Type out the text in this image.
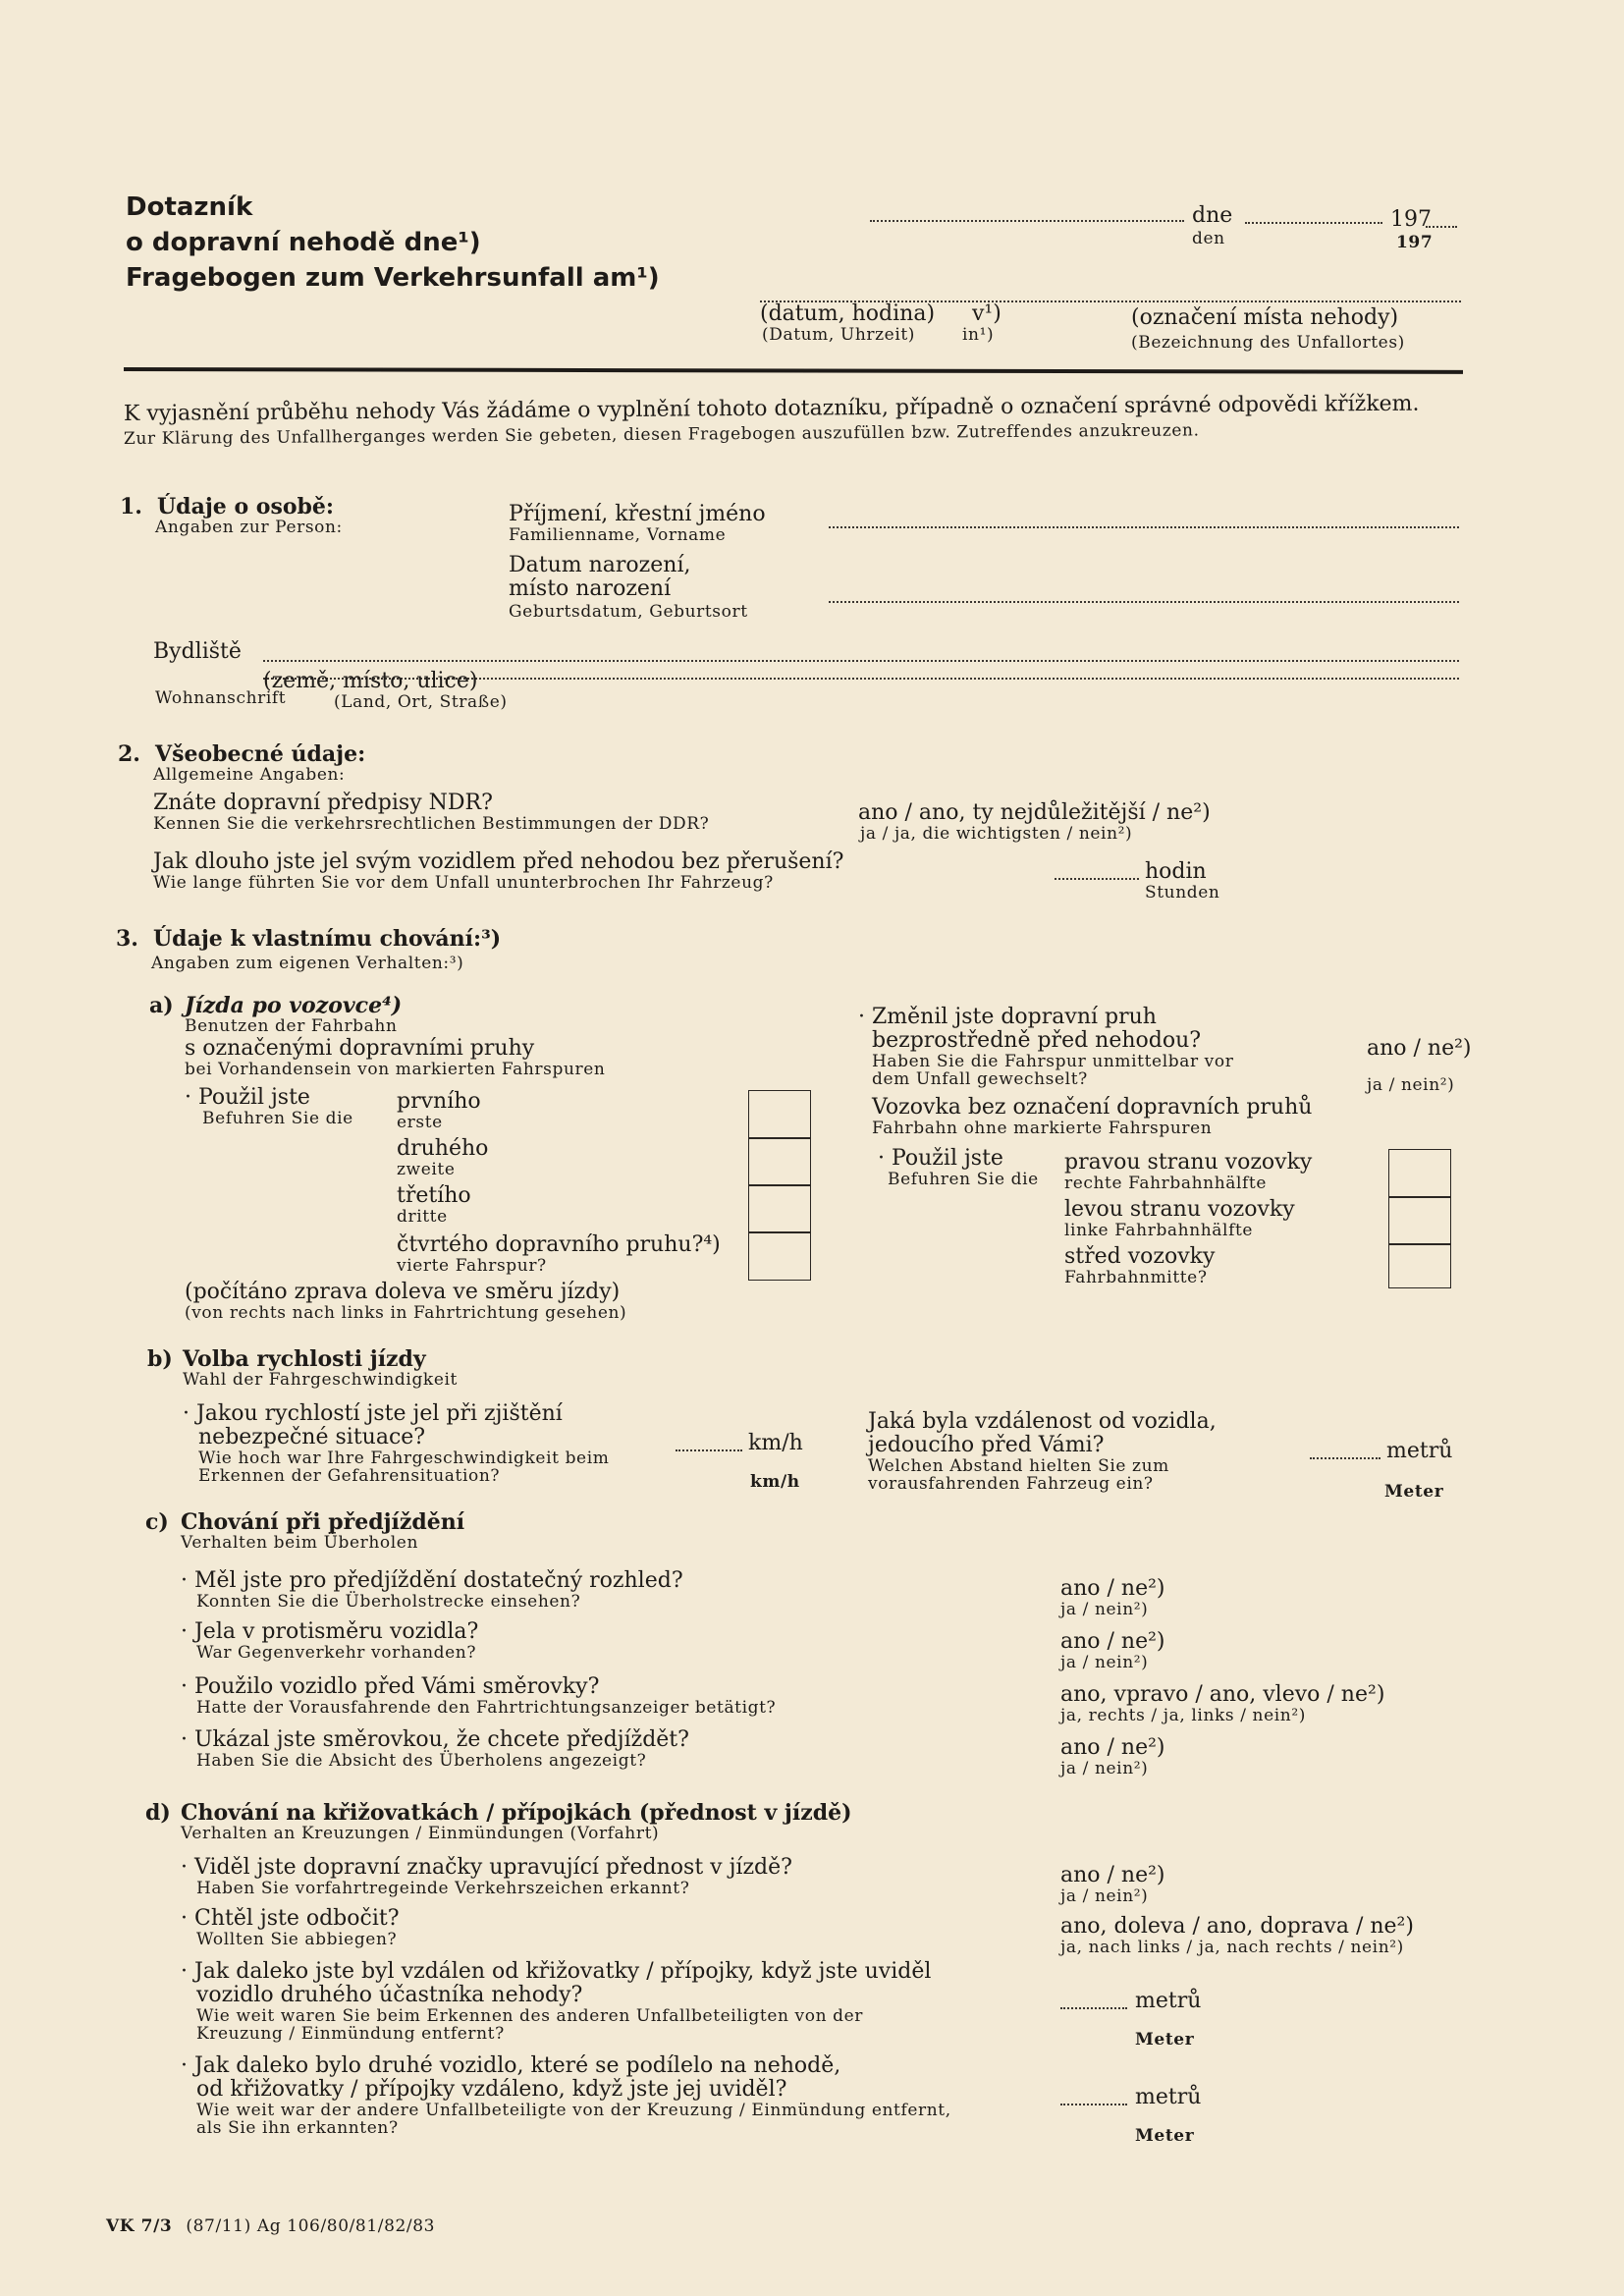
Dotazník
o dopravní nehodě dne¹)
Fragebogen zum Verkehrsunfall am¹)
dne	197
den	197
(datum, hodina)
(Datum, Uhrzeit)
v¹)
in¹)
(označení místa nehody)
(Bezeichnung des Unfallortes)
K vyjasnění průběhu nehody Vás žádáme o vyplnění tohoto dotazníku, případně o označení správné odpovědi křížkem.
Zur Klärung des Unfallherganges werden Sie gebeten, diesen Fragebogen auszufüllen bzw. Zutreffendes anzukreuzen.
1. Údaje o osobě:
Angaben zur Person:
Příjmení, křestní jméno
Familienname, Vorname
Datum narození,
místo narození
Geburtsdatum, Geburtsort
Bydliště
(země, místo, ulice)
Wohnanschrift	(Land, Ort, Straße)
2. Všeobecné údaje:
Allgemeine Angaben:
Znáte dopravní předpisy NDR?
Kennen Sie die verkehrsrechtlichen Bestimmungen der DDR?	ano / ano, ty nejdůležitější / ne²)
ja / ja, die wichtigsten / nein²)
Jak dlouho jste jel svým vozidlem před nehodou bez přerušení?
Wie lange führten Sie vor dem Unfall ununterbrochen Ihr Fahrzeug?	hodin
Stunden
3. Údaje k vlastnímu chování:³)
Angaben zum eigenen Verhalten:³)
a) Jízda po vozovce⁴)
Benutzen der Fahrbahn
s označenými dopravními pruhy
bei Vorhandensein von markierten Fahrspuren
· Použil jste
Befuhren Sie die
prvního
erste
druhého
zweite
třetího
dritte
čtvrtého dopravního pruhu?⁴)
vierte Fahrspur?
(počítáno zprava doleva ve směru jízdy)
(von rechts nach links in Fahrtrichtung gesehen)
· Změnil jste dopravní pruh
bezprostředně před nehodou?
Haben Sie die Fahrspur unmittelbar vor
dem Unfall gewechselt?
ano / ne²)
ja / nein²)
Vozovka bez označení dopravních pruhů
Fahrbahn ohne markierte Fahrspuren
· Použil jste
Befuhren Sie die
pravou stranu vozovky
rechte Fahrbahnhälfte
levou stranu vozovky
linke Fahrbahnhälfte
střed vozovky
Fahrbahnmitte?
b) Volba rychlosti jízdy
Wahl der Fahrgeschwindigkeit
· Jakou rychlostí jste jel při zjištění
nebezpečné situace?
Wie hoch war Ihre Fahrgeschwindigkeit beim
Erkennen der Gefahrensituation?
km/h
km/h
Jaká byla vzdálenost od vozidla,
jedoucího před Vámi?
Welchen Abstand hielten Sie zum
vorausfahrenden Fahrzeug ein?
metrů
Meter
c) Chování při předjíždění
Verhalten beim Überholen
· Měl jste pro předjíždění dostatečný rozhled?
Konnten Sie die Überholstrecke einsehen?
ano / ne²)
ja / nein²)
· Jela v protisměru vozidla?
War Gegenverkehr vorhanden?	ano / ne²)
ja / nein²)
· Použilo vozidlo před Vámi směrovky?
Hatte der Vorausfahrende den Fahrtrichtungsanzeiger betätigt?
ano, vpravo / ano, vlevo / ne²)
ja, rechts / ja, links / nein²)
· Ukázal jste směrovkou, že chcete předjíždět?
Haben Sie die Absicht des Überholens angezeigt?
ano / ne²)
ja / nein²)
d) Chování na křižovatkách / přípojkách (přednost v jízdě)
Verhalten an Kreuzungen / Einmündungen (Vorfahrt)
· Viděl jste dopravní značky upravující přednost v jízdě?
Haben Sie vorfahrtregeinde Verkehrszeichen erkannt?
ano / ne²)
ja / nein²)
· Chtěl jste odbočit?
Wollten Sie abbiegen?
ano, doleva / ano, doprava / ne²)
ja, nach links / ja, nach rechts / nein²)
· Jak daleko jste byl vzdálen od křižovatky / přípojky, když jste uviděl
vozidlo druhého účastníka nehody?
Wie weit waren Sie beim Erkennen des anderen Unfallbeteiligten von der
Kreuzung / Einmündung entfernt?
metrů
Meter
· Jak daleko bylo druhé vozidlo, které se podílelo na nehodě,
od křižovatky / přípojky vzdáleno, když jste jej uviděl?
Wie weit war der andere Unfallbeteiligte von der Kreuzung / Einmündung entfernt,
als Sie ihn erkannten?
metrů
Meter
VK 7/3 (87/11) Ag 106/80/81/82/83
